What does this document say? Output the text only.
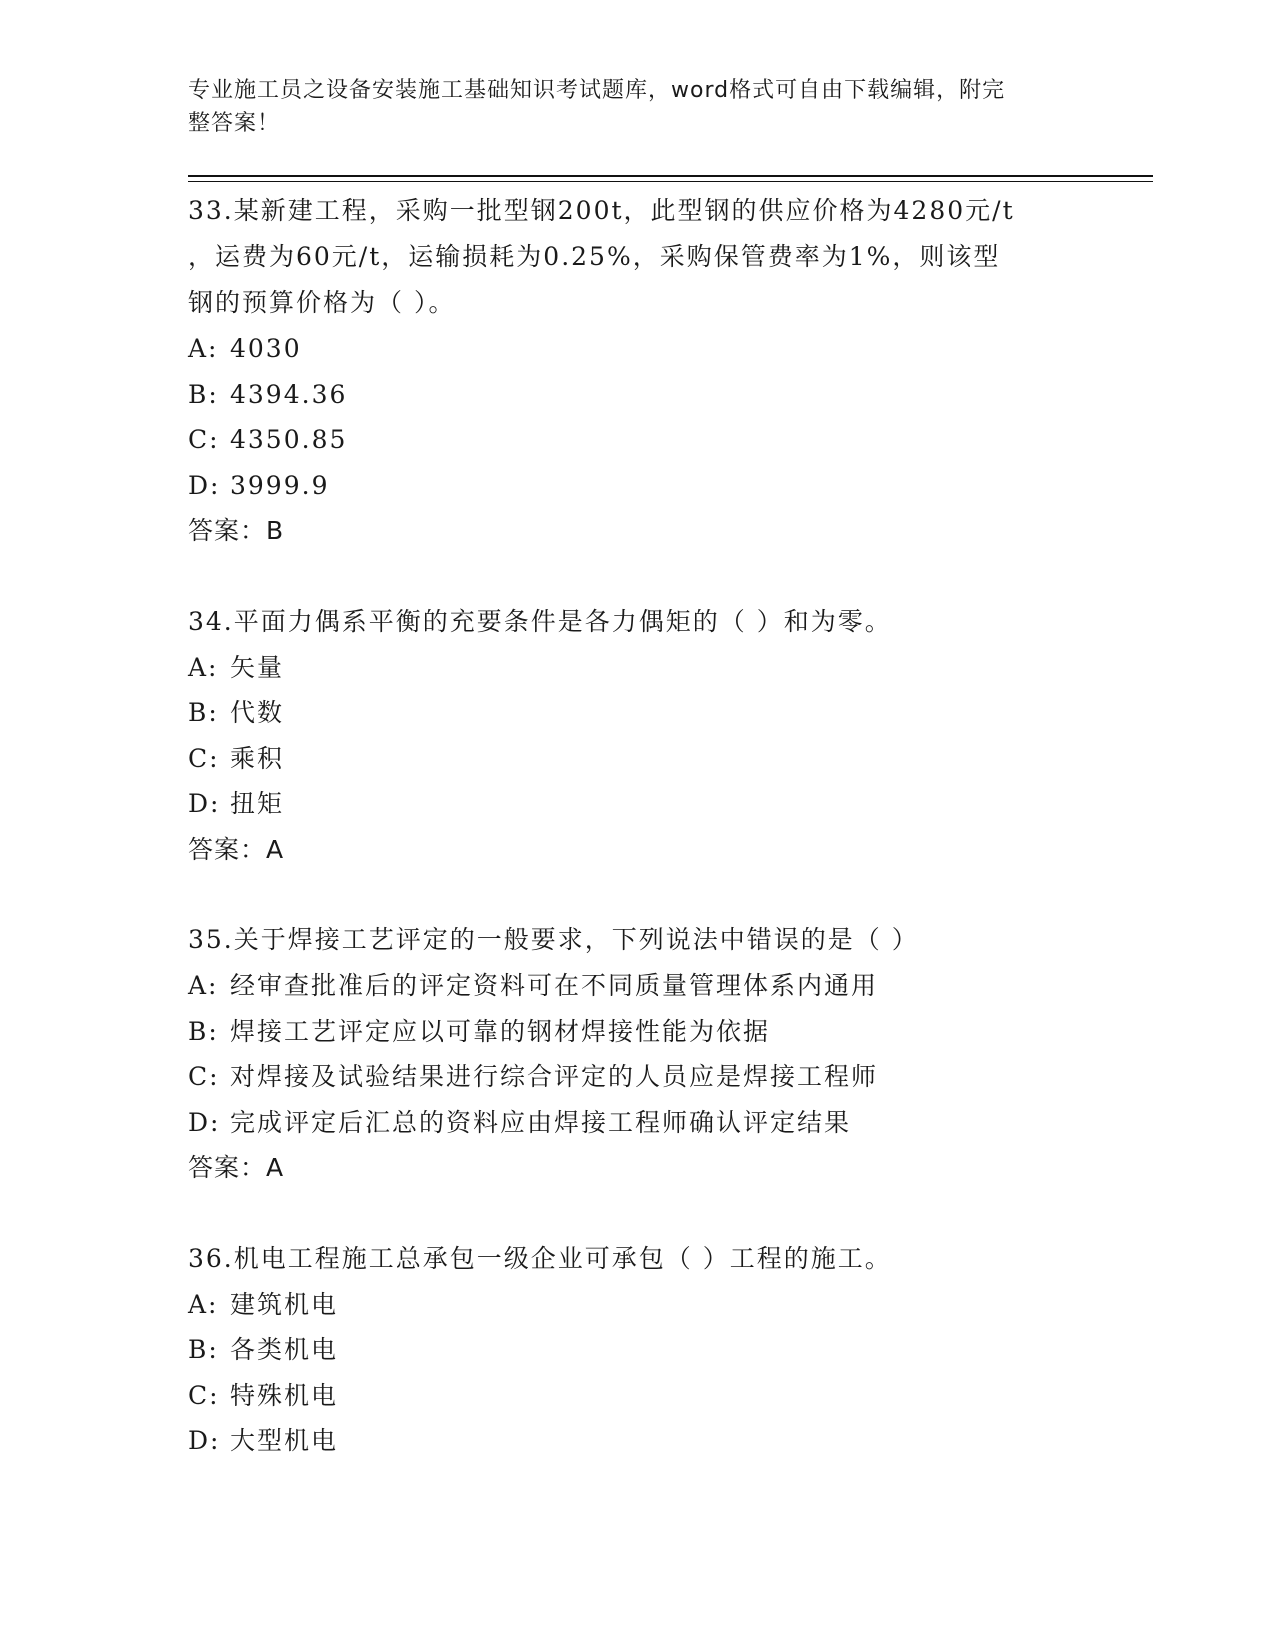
专业施工员之设备安装施工基础知识考试题库，word格式可自由下载编辑，附完
整答案！

33.某新建工程，采购一批型钢200t，此型钢的供应价格为4280元/t

，运费为60元/t，运输损耗为0.25%，采购保管费率为1%，则该型

钢的预算价格为（ ）。

A: 4030
B: 4394.36
C: 4350.85
D: 3999.9

答案：B

34.平面力偶系平衡的充要条件是各力偶矩的（ ）和为零。

A: 矢量
B: 代数
C: 乘积
D: 扭矩

答案：A

35.关于焊接工艺评定的一般要求，下列说法中错误的是（ ）

A: 经审查批准后的评定资料可在不同质量管理体系内通用
B: 焊接工艺评定应以可靠的钢材焊接性能为依据
C: 对焊接及试验结果进行综合评定的人员应是焊接工程师
D: 完成评定后汇总的资料应由焊接工程师确认评定结果

答案：A

36.机电工程施工总承包一级企业可承包（ ）工程的施工。

A: 建筑机电
B: 各类机电
C: 特殊机电
D: 大型机电
